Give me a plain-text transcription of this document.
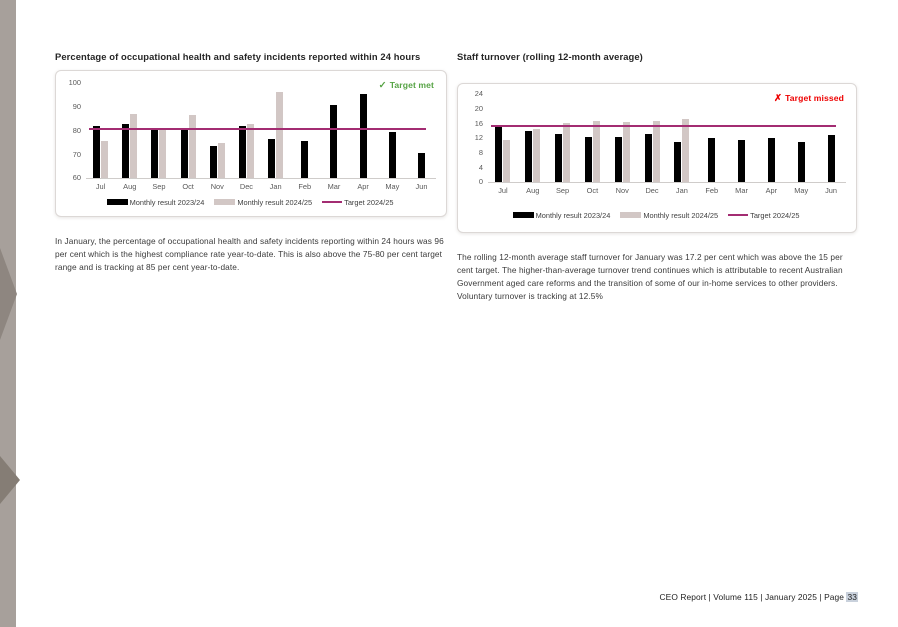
Percentage of occupational health and safety incidents reported within 24 hours
✓ Target met
100
90
80
70
60
Jul	Aug	Sep	Oct	Nov	Dec	Jan	Feb	Mar	Apr	May	Jun
Monthly result 2023/24	Monthly result 2024/25	Target 2024/25

In January, the percentage of occupational health and safety incidents reporting within 24 hours was 96 per cent which is the highest compliance rate year-to-date. This is also above the 75-80 per cent target range and is tracking at 85 per cent year-to-date.

Staff turnover (rolling 12-month average)
✗ Target missed
24
20
16
12
8
4
0
Jul	Aug	Sep	Oct	Nov	Dec	Jan	Feb	Mar	Apr	May	Jun
Monthly result 2023/24	Monthly result 2024/25	Target 2024/25

The rolling 12-month average staff turnover for January was 17.2 per cent which was above the 15 per cent target. The higher-than-average turnover trend continues which is attributable to recent Australian Government aged care reforms and the transition of some of our in-home services to other providers. Voluntary turnover is tracking at 12.5%

CEO Report | Volume 115 | January 2025 | Page 33
